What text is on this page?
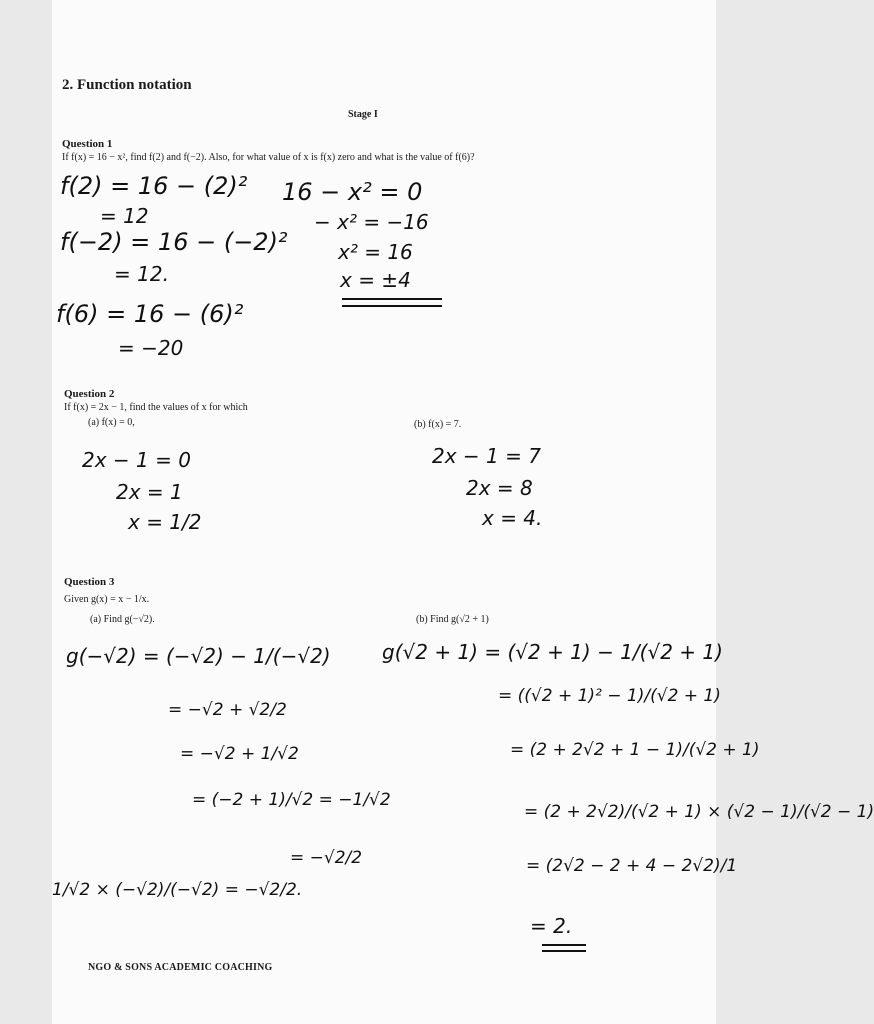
2. Function notation
Stage I
Question 1
If f(x) = 16 − x², find f(2) and f(−2). Also, for what value of x is f(x) zero and what is the value of f(6)?
f(2) = 16 − (2)²
= 12
f(−2) = 16 − (−2)²
= 12.
f(6) = 16 − (6)²
= −20
16 − x² = 0
− x² = −16
x² = 16
x = ±4
Question 2
If f(x) = 2x − 1, find the values of x for which
(a) f(x) = 0,	(b) f(x) = 7.
2x − 1 = 0
2x = 1
x = 1/2
2x − 1 = 7
2x = 8
x = 4.
Question 3
Given g(x) = x − 1/x.
(a) Find g(−√2).	(b) Find g(√2 + 1)
g(−√2) = (−√2) − 1/(−√2)
= −√2 + √2/2
= −√2 + 1/√2
= (−2 + 1)/√2 = −1/√2
= −√2/2
1/√2 × (−√2)/(−√2) = −√2/2.
g(√2 + 1) = (√2 + 1) − 1/(√2 + 1)
= ((√2 + 1)² − 1)/(√2 + 1)
= (2 + 2√2 + 1 − 1)/(√2 + 1)
= (2 + 2√2)/(√2 + 1) × (√2 − 1)/(√2 − 1)
= (2√2 − 2 + 4 − 2√2)/1
= 2.
NGO & SONS ACADEMIC COACHING
